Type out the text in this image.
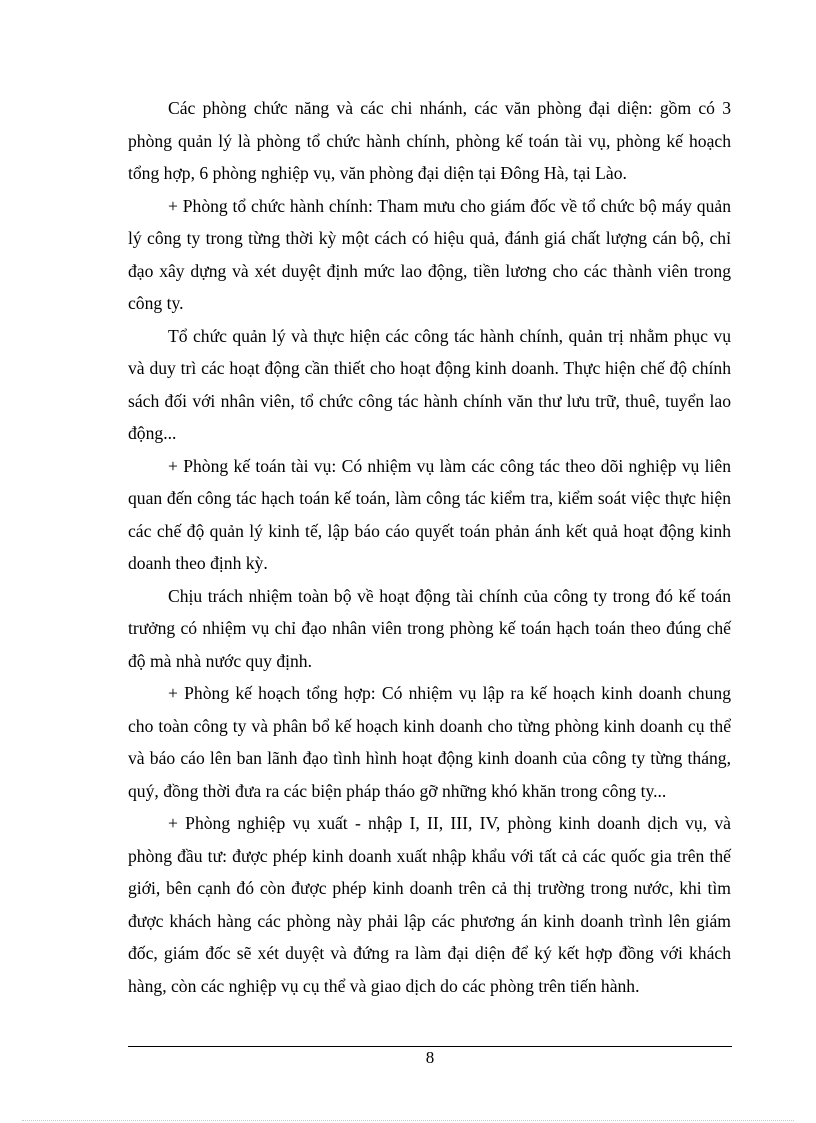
Các phòng chức năng và các chi nhánh, các văn phòng đại diện: gồm có 3 phòng quản lý là phòng tổ chức hành chính, phòng kế toán tài vụ, phòng kế hoạch tổng hợp, 6 phòng nghiệp vụ, văn phòng đại diện tại Đông Hà, tại Lào.

+ Phòng tổ chức hành chính: Tham mưu cho giám đốc về tổ chức bộ máy quản lý công ty trong từng thời kỳ một cách có hiệu quả, đánh giá chất lượng cán bộ, chỉ đạo xây dựng và xét duyệt định mức lao động, tiền lương cho các thành viên trong công ty.

Tổ chức quản lý và thực hiện các công tác hành chính, quản trị nhằm phục vụ và duy trì các hoạt động cần thiết cho hoạt động kinh doanh. Thực hiện chế độ chính sách đối với nhân viên, tổ chức công tác hành chính văn thư lưu trữ, thuê, tuyển lao động...

+ Phòng kế toán tài vụ: Có nhiệm vụ làm các công tác theo dõi nghiệp vụ liên quan đến công tác hạch toán kế toán, làm công tác kiểm tra, kiểm soát việc thực hiện các chế độ quản lý kinh tế, lập báo cáo quyết toán phản ánh kết quả hoạt động kinh doanh theo định kỳ.

Chịu trách nhiệm toàn bộ về hoạt động tài chính của công ty trong đó kế toán trưởng có nhiệm vụ chỉ đạo nhân viên trong phòng kế toán hạch toán theo đúng chế độ mà nhà nước quy định.

+ Phòng kế hoạch tổng hợp: Có nhiệm vụ lập ra kế hoạch kinh doanh chung cho toàn công ty và phân bổ kế hoạch kinh doanh cho từng phòng kinh doanh cụ thể và báo cáo lên ban lãnh đạo tình hình hoạt động kinh doanh của công ty từng tháng, quý, đồng thời đưa ra các biện pháp tháo gỡ những khó khăn trong công ty...

+ Phòng nghiệp vụ xuất - nhập I, II, III, IV, phòng kinh doanh dịch vụ, và phòng đầu tư: được phép kinh doanh xuất nhập khẩu với tất cả các quốc gia trên thế giới, bên cạnh đó còn được phép kinh doanh trên cả thị trường trong nước, khi tìm được khách hàng các phòng này phải lập các phương án kinh doanh trình lên giám đốc, giám đốc sẽ xét duyệt và đứng ra làm đại diện để ký kết hợp đồng với khách hàng, còn các nghiệp vụ cụ thể và giao dịch do các phòng trên tiến hành.

8
